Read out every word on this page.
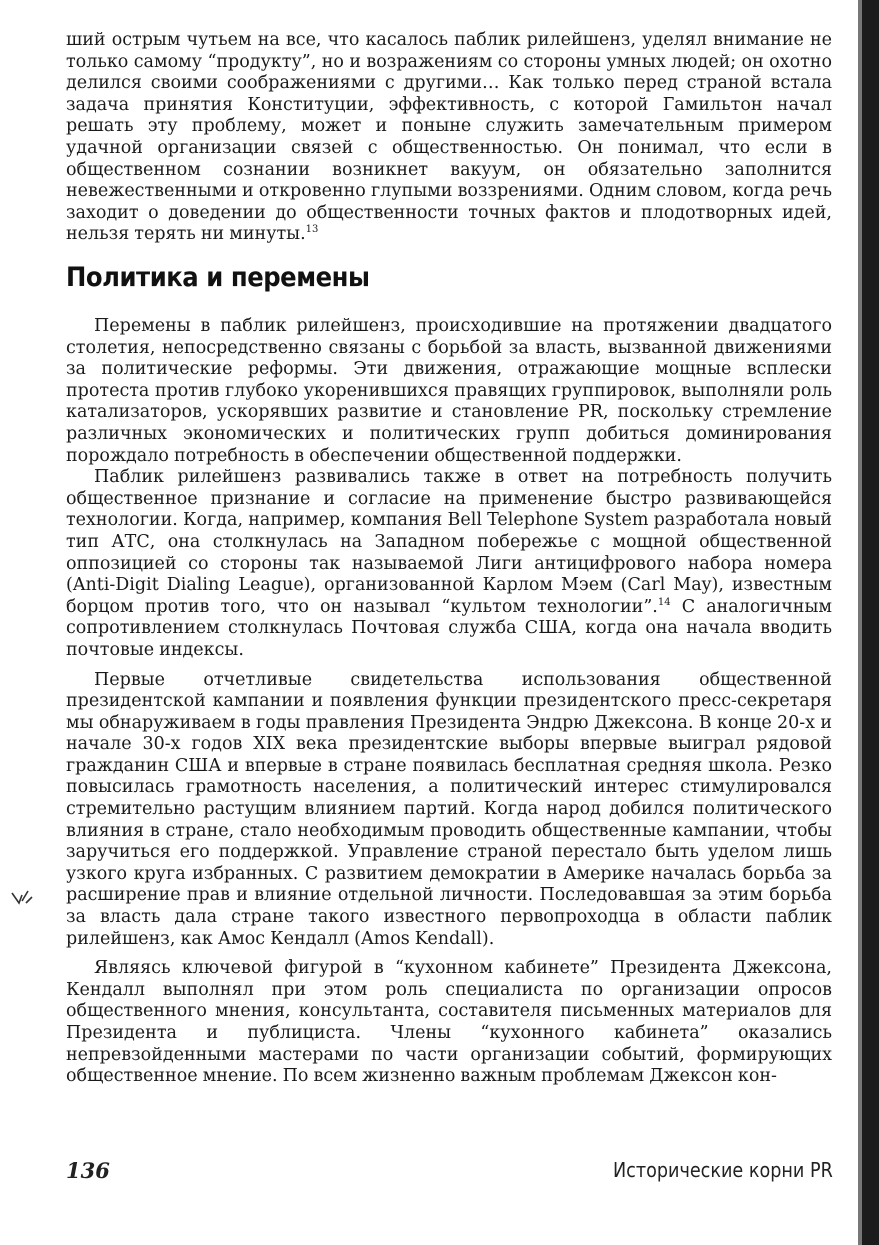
ший острым чутьем на все, что касалось паблик рилейшенз, уделял внимание не только самому “продукту”, но и возражениям со стороны умных людей; он охотно делился своими соображениями с другими… Как только перед страной встала задача принятия Конституции, эффективность, с которой Гамильтон начал решать эту проблему, может и поныне служить замечательным примером удачной организации связей с общественностью. Он понимал, что если в общественном сознании возникнет вакуум, он обязательно заполнится невежественными и откровенно глупыми воззрениями. Одним словом, когда речь заходит о доведении до общественности точных фактов и плодотворных идей, нельзя терять ни минуты.$^{13}$

Политика и перемены

Перемены в паблик рилейшенз, происходившие на протяжении двадцатого столетия, непосредственно связаны с борьбой за власть, вызванной движениями за политические реформы. Эти движения, отражающие мощные всплески протеста против глубоко укоренившихся правящих группировок, выполняли роль катализаторов, ускорявших развитие и становление PR, поскольку стремление различных экономических и политических групп добиться доминирования порождало потребность в обеспечении общественной поддержки.

Паблик рилейшенз развивались также в ответ на потребность получить общественное признание и согласие на применение быстро развивающейся технологии. Когда, например, компания Bell Telephone System разработала новый тип АТС, она столкнулась на Западном побережье с мощной общественной оппозицией со стороны так называемой Лиги антицифрового набора номера (Anti-Digit Dialing League), организованной Карлом Мэем (Carl May), известным борцом против того, что он называл “культом технологии”.$^{14}$ С аналогичным сопротивлением столкнулась Почтовая служба США, когда она начала вводить почтовые индексы.

Первые отчетливые свидетельства использования общественной президентской кампании и появления функции президентского пресс-секретаря мы обнаруживаем в годы правления Президента Эндрю Джексона. В конце 20-х и начале 30-х годов XIX века президентские выборы впервые выиграл рядовой гражданин США и впервые в стране появилась бесплатная средняя школа. Резко повысилась грамотность населения, а политический интерес стимулировался стремительно растущим влиянием партий. Когда народ добился политического влияния в стране, стало необходимым проводить общественные кампании, чтобы заручиться его поддержкой. Управление страной перестало быть уделом лишь узкого круга избранных. С развитием демократии в Америке началась борьба за расширение прав и влияние отдельной личности. Последовавшая за этим борьба за власть дала стране такого известного первопроходца в области паблик рилейшенз, как Амос Кендалл (Amos Kendall).

Являясь ключевой фигурой в “кухонном кабинете” Президента Джексона, Кендалл выполнял при этом роль специалиста по организации опросов общественного мнения, консультанта, составителя письменных материалов для Президента и публициста. Члены “кухонного кабинета” оказались непревзойденными мастерами по части организации событий, формирующих общественное мнение. По всем жизненно важным проблемам Джексон кон-

136	Исторические корни PR
